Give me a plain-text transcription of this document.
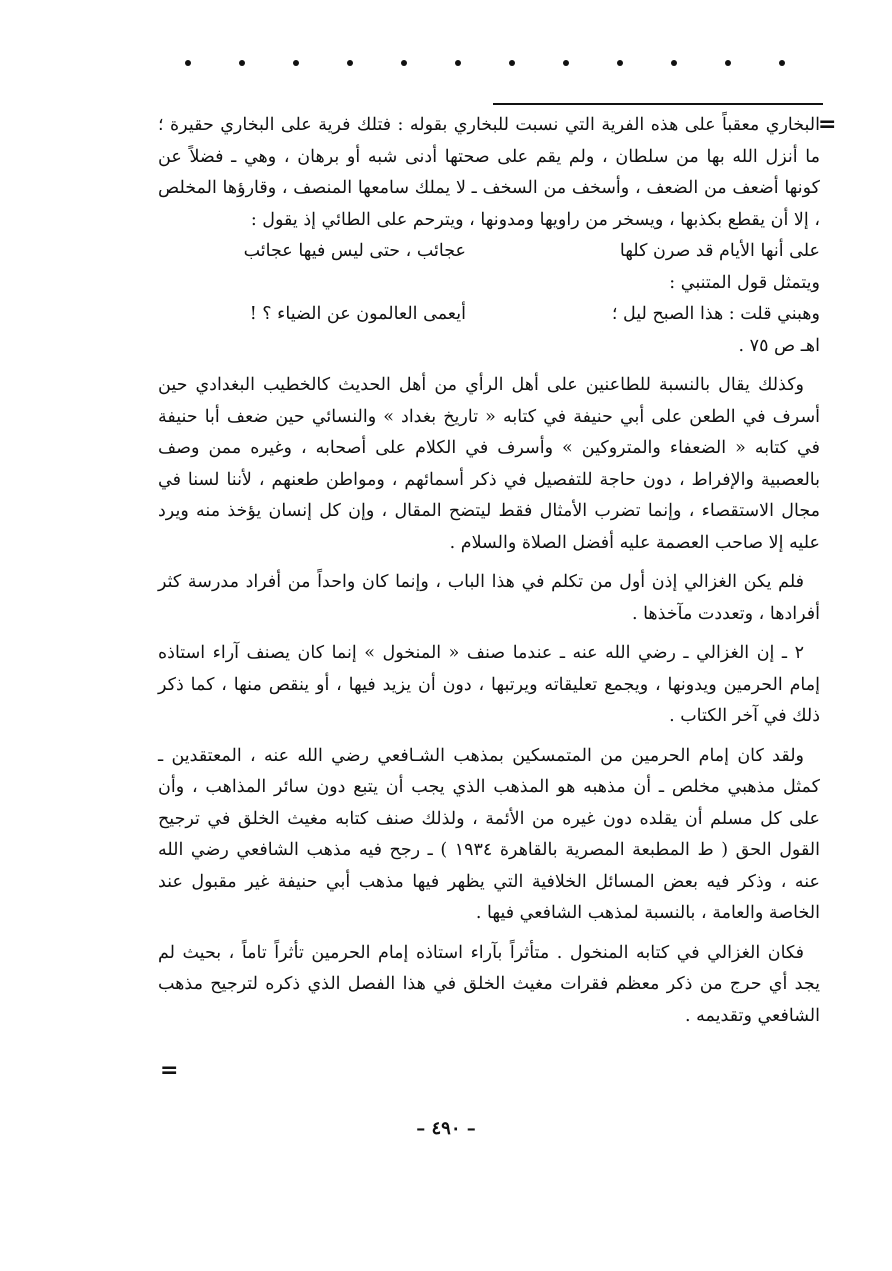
=

البخاري معقباً على هذه الفرية التي نسبت للبخاري بقوله : فتلك فرية على البخاري حقيرة ؛ ما أنزل الله بها من سلطان ، ولم يقم على صحتها أدنى شبه أو برهان ، وهي ـ فضلاً عن كونها أضعف من الضعف ، وأسخف من السخف ـ لا يملك سامعها المنصف ، وقارؤها المخلص ، إلا أن يقطع بكذبها ، ويسخر من راويها ومدونها ، ويترحم على الطائي إذ يقول :

على أنها الأيام قد صرن كلها
عجائب ، حتى ليس فيها عجائب

ويتمثل قول المتنبي :

وهبني قلت : هذا الصبح ليل ؛
أيعمى العالمون عن الضياء ؟ !

اهـ ص ٧٥ .

وكذلك يقال بالنسبة للطاعنين على أهل الرأي من أهل الحديث كالخطيب البغدادي حين أسرف في الطعن على أبي حنيفة في كتابه « تاريخ بغداد » والنسائي حين ضعف أبا حنيفة في كتابه « الضعفاء والمتروكين » وأسرف في الكلام على أصحابه ، وغيره ممن وصف بالعصبية والإفراط ، دون حاجة للتفصيل في ذكر أسمائهم ، ومواطن طعنهم ، لأننا لسنا في مجال الاستقصاء ، وإنما تضرب الأمثال فقط ليتضح المقال ، وإن كل إنسان يؤخذ منه ويرد عليه إلا صاحب العصمة عليه أفضل الصلاة والسلام .

فلم يكن الغزالي إذن أول من تكلم في هذا الباب ، وإنما كان واحداً من أفراد مدرسة كثر أفرادها ، وتعددت مآخذها .

٢ ـ إن الغزالي ـ رضي الله عنه ـ عندما صنف « المنخول » إنما كان يصنف آراء استاذه إمام الحرمين ويدونها ، ويجمع تعليقاته ويرتبها ، دون أن يزيد فيها ، أو ينقص منها ، كما ذكر ذلك في آخر الكتاب .

ولقد كان إمام الحرمين من المتمسكين بمذهب الشـافعي رضي الله عنه ، المعتقدين ـ كمثل مذهبي مخلص ـ أن مذهبه هو المذهب الذي يجب أن يتبع دون سائر المذاهب ، وأن على كل مسلم أن يقلده دون غيره من الأئمة ، ولذلك صنف كتابه مغيث الخلق في ترجيح القول الحق ( ط المطبعة المصرية بالقاهرة ١٩٣٤ ) ـ رجح فيه مذهب الشافعي رضي الله عنه ، وذكر فيه بعض المسائل الخلافية التي يظهر فيها مذهب أبي حنيفة غير مقبول عند الخاصة والعامة ، بالنسبة لمذهب الشافعي فيها .

فكان الغزالي في كتابه المنخول . متأثراً بآراء استاذه إمام الحرمين تأثراً تاماً ، بحيث لم يجد أي حرج من ذكر معظم فقرات مغيث الخلق في هذا الفصل الذي ذكره لترجيح مذهب الشافعي وتقديمه .

=
– ٤٩٠ –
